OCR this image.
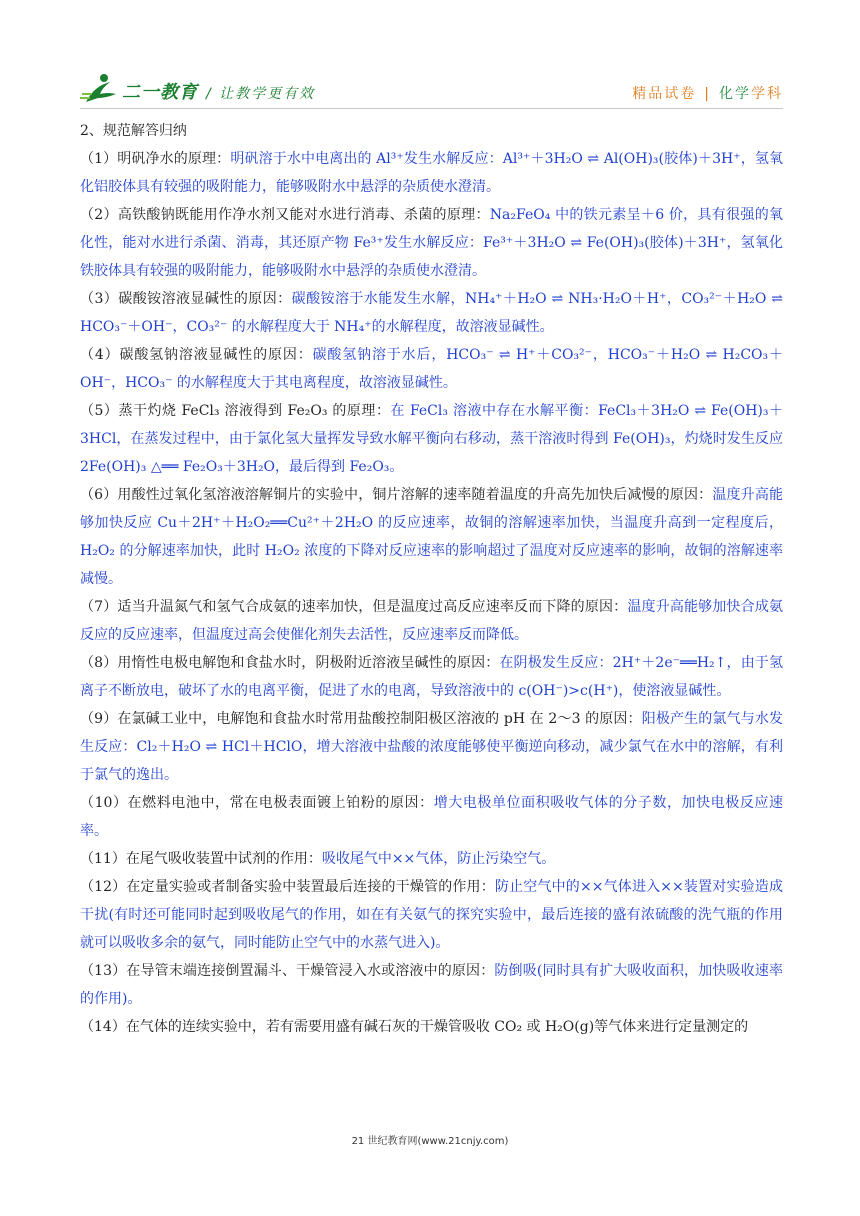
二一教育 / 让教学更有效	精品试卷 | 化学学科
2、规范解答归纳
（1）明矾净水的原理：明矾溶于水中电离出的 Al³⁺发生水解反应：Al³⁺＋3H₂O ⇌ Al(OH)₃(胶体)＋3H⁺，氢氧化铝胶体具有较强的吸附能力，能够吸附水中悬浮的杂质使水澄清。
（2）高铁酸钠既能用作净水剂又能对水进行消毒、杀菌的原理：Na₂FeO₄ 中的铁元素呈＋6 价，具有很强的氧化性，能对水进行杀菌、消毒，其还原产物 Fe³⁺发生水解反应：Fe³⁺＋3H₂O ⇌ Fe(OH)₃(胶体)＋3H⁺，氢氧化铁胶体具有较强的吸附能力，能够吸附水中悬浮的杂质使水澄清。
（3）碳酸铵溶液显碱性的原因：碳酸铵溶于水能发生水解，NH₄⁺＋H₂O ⇌ NH₃·H₂O＋H⁺，CO₃²⁻＋H₂O ⇌ HCO₃⁻＋OH⁻，CO₃²⁻ 的水解程度大于 NH₄⁺的水解程度，故溶液显碱性。
（4）碳酸氢钠溶液显碱性的原因：碳酸氢钠溶于水后，HCO₃⁻ ⇌ H⁺＋CO₃²⁻，HCO₃⁻＋H₂O ⇌ H₂CO₃＋OH⁻，HCO₃⁻ 的水解程度大于其电离程度，故溶液显碱性。
（5）蒸干灼烧 FeCl₃ 溶液得到 Fe₂O₃ 的原理：在 FeCl₃ 溶液中存在水解平衡：FeCl₃＋3H₂O ⇌ Fe(OH)₃＋3HCl，在蒸发过程中，由于氯化氢大量挥发导致水解平衡向右移动，蒸干溶液时得到 Fe(OH)₃，灼烧时发生反应 2Fe(OH)₃ △══ Fe₂O₃＋3H₂O，最后得到 Fe₂O₃。
（6）用酸性过氧化氢溶液溶解铜片的实验中，铜片溶解的速率随着温度的升高先加快后减慢的原因：温度升高能够加快反应 Cu＋2H⁺＋H₂O₂══Cu²⁺＋2H₂O 的反应速率，故铜的溶解速率加快，当温度升高到一定程度后，H₂O₂ 的分解速率加快，此时 H₂O₂ 浓度的下降对反应速率的影响超过了温度对反应速率的影响，故铜的溶解速率减慢。
（7）适当升温氮气和氢气合成氨的速率加快，但是温度过高反应速率反而下降的原因：温度升高能够加快合成氨反应的反应速率，但温度过高会使催化剂失去活性，反应速率反而降低。
（8）用惰性电极电解饱和食盐水时，阴极附近溶液呈碱性的原因：在阴极发生反应：2H⁺＋2e⁻══H₂↑，由于氢离子不断放电，破坏了水的电离平衡，促进了水的电离，导致溶液中的 c(OH⁻)>c(H⁺)，使溶液显碱性。
（9）在氯碱工业中，电解饱和食盐水时常用盐酸控制阳极区溶液的 pH 在 2～3 的原因：阳极产生的氯气与水发生反应：Cl₂＋H₂O ⇌ HCl＋HClO，增大溶液中盐酸的浓度能够使平衡逆向移动，减少氯气在水中的溶解，有利于氯气的逸出。
（10）在燃料电池中，常在电极表面镀上铂粉的原因：增大电极单位面积吸收气体的分子数，加快电极反应速率。
（11）在尾气吸收装置中试剂的作用：吸收尾气中××气体，防止污染空气。
（12）在定量实验或者制备实验中装置最后连接的干燥管的作用：防止空气中的××气体进入××装置对实验造成干扰(有时还可能同时起到吸收尾气的作用，如在有关氨气的探究实验中，最后连接的盛有浓硫酸的洗气瓶的作用就可以吸收多余的氨气，同时能防止空气中的水蒸气进入)。
（13）在导管末端连接倒置漏斗、干燥管浸入水或溶液中的原因：防倒吸(同时具有扩大吸收面积，加快吸收速率的作用)。
（14）在气体的连续实验中，若有需要用盛有碱石灰的干燥管吸收 CO₂ 或 H₂O(g)等气体来进行定量测定的
21 世纪教育网(www.21cnjy.com)
